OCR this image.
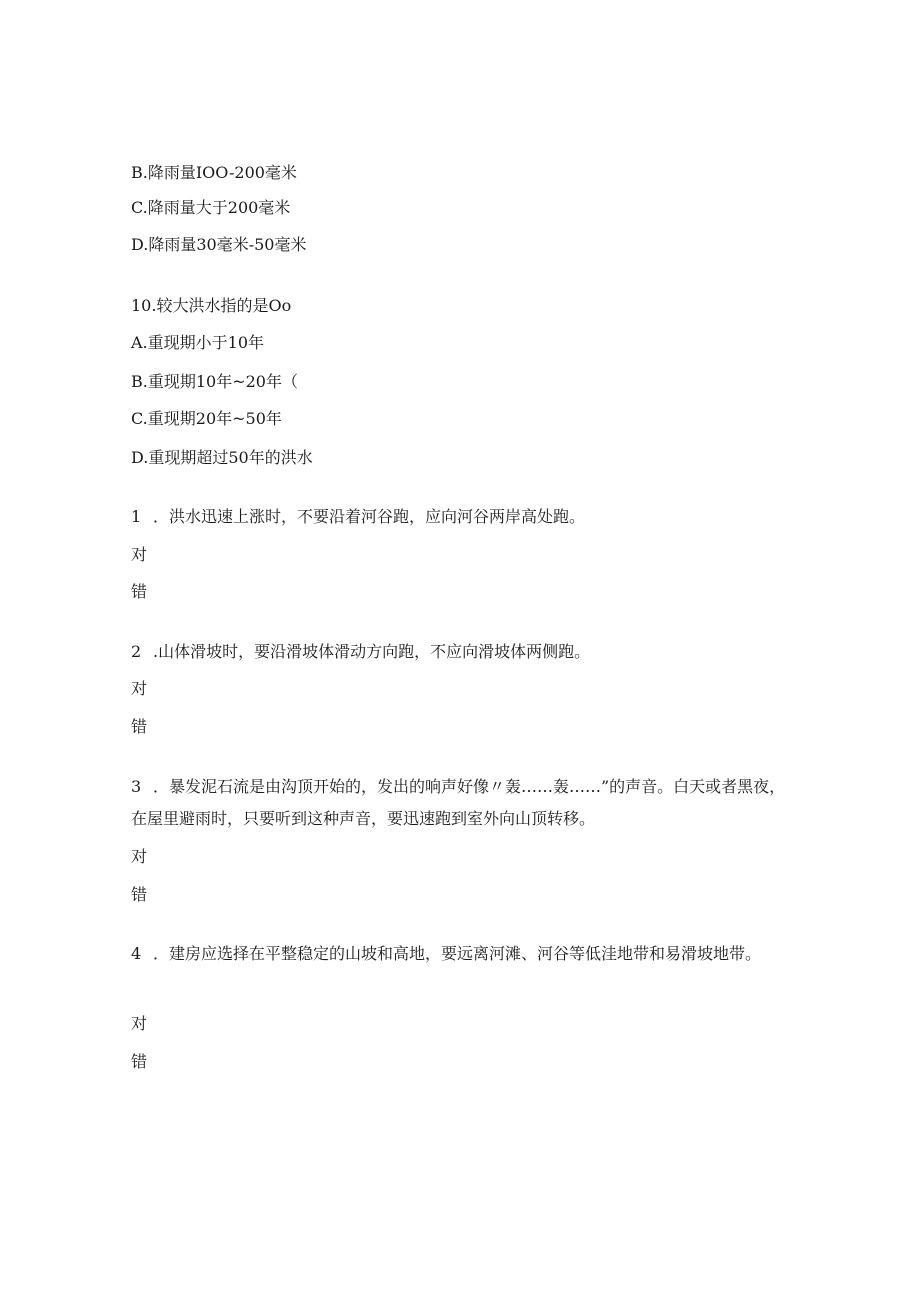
B.降雨量IOO-200毫米
C.降雨量大于200毫米
D.降雨量30毫米-50毫米
10.较大洪水指的是Oo
A.重现期小于10年
B.重现期10年~20年（
C.重现期20年~50年
D.重现期超过50年的洪水
1 ．洪水迅速上涨时，不要沿着河谷跑，应向河谷两岸高处跑。
对
错
2 .山体滑坡时，要沿滑坡体滑动方向跑，不应向滑坡体两侧跑。
对
错
3 ．暴发泥石流是由沟顶开始的，发出的响声好像〃轰……轰……”的声音。白天或者黑夜，在屋里避雨时，只要听到这种声音，要迅速跑到室外向山顶转移。
对
错
4 ．建房应选择在平整稳定的山坡和高地，要远离河滩、河谷等低洼地带和易滑坡地带。
对
错
